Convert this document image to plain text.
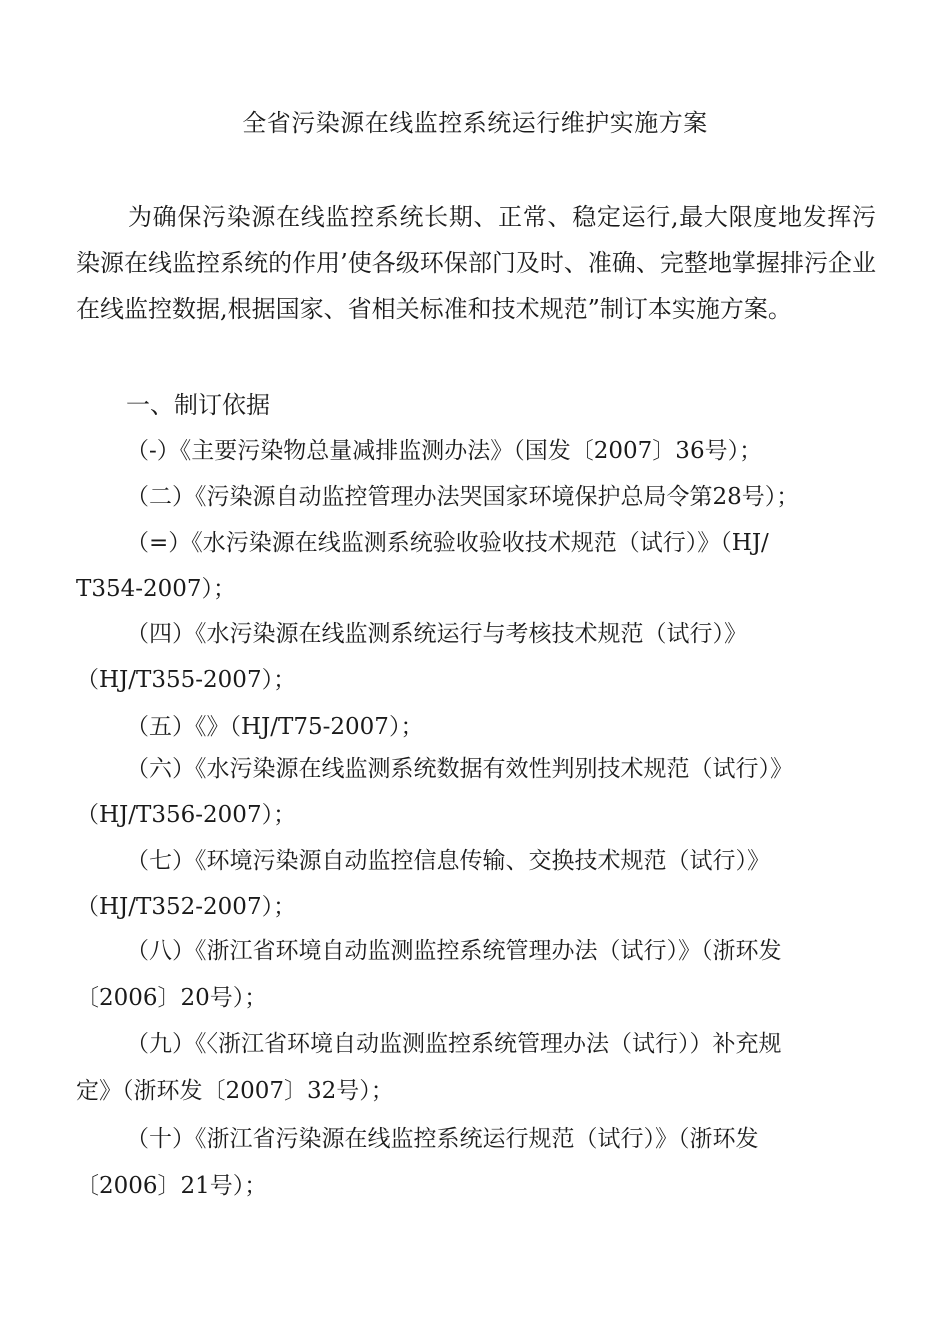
全省污染源在线监控系统运行维护实施方案

为确保污染源在线监控系统长期、正常、稳定运行,最大限度地发挥污染源在线监控系统的作用’使各级环保部门及时、准确、完整地掌握排污企业在线监控数据,根据国家、省相关标准和技术规范”制订本实施方案。

一、制订依据
（-）《主要污染物总量减排监测办法》（国发〔2007〕36号）；
（二）《污染源自动监控管理办法哭国家环境保护总局令第28号）；
（=）《水污染源在线监测系统验收验收技术规范（试行）》（HJ/
T354-2007）；
（四）《水污染源在线监测系统运行与考核技术规范（试行）》
（HJ/T355-2007）；
（五）《》（HJ/T75-2007）；
（六）《水污染源在线监测系统数据有效性判别技术规范（试行）》
（HJ/T356-2007）；
（七）《环境污染源自动监控信息传输、交换技术规范（试行）》
（HJ/T352-2007）；
（八）《浙江省环境自动监测监控系统管理办法（试行）》（浙环发
〔2006〕20号）；
（九）《〈浙江省环境自动监测监控系统管理办法（试行））补充规
定》（浙环发〔2007〕32号）；
（十）《浙江省污染源在线监控系统运行规范（试行）》（浙环发
〔2006〕21号）；
